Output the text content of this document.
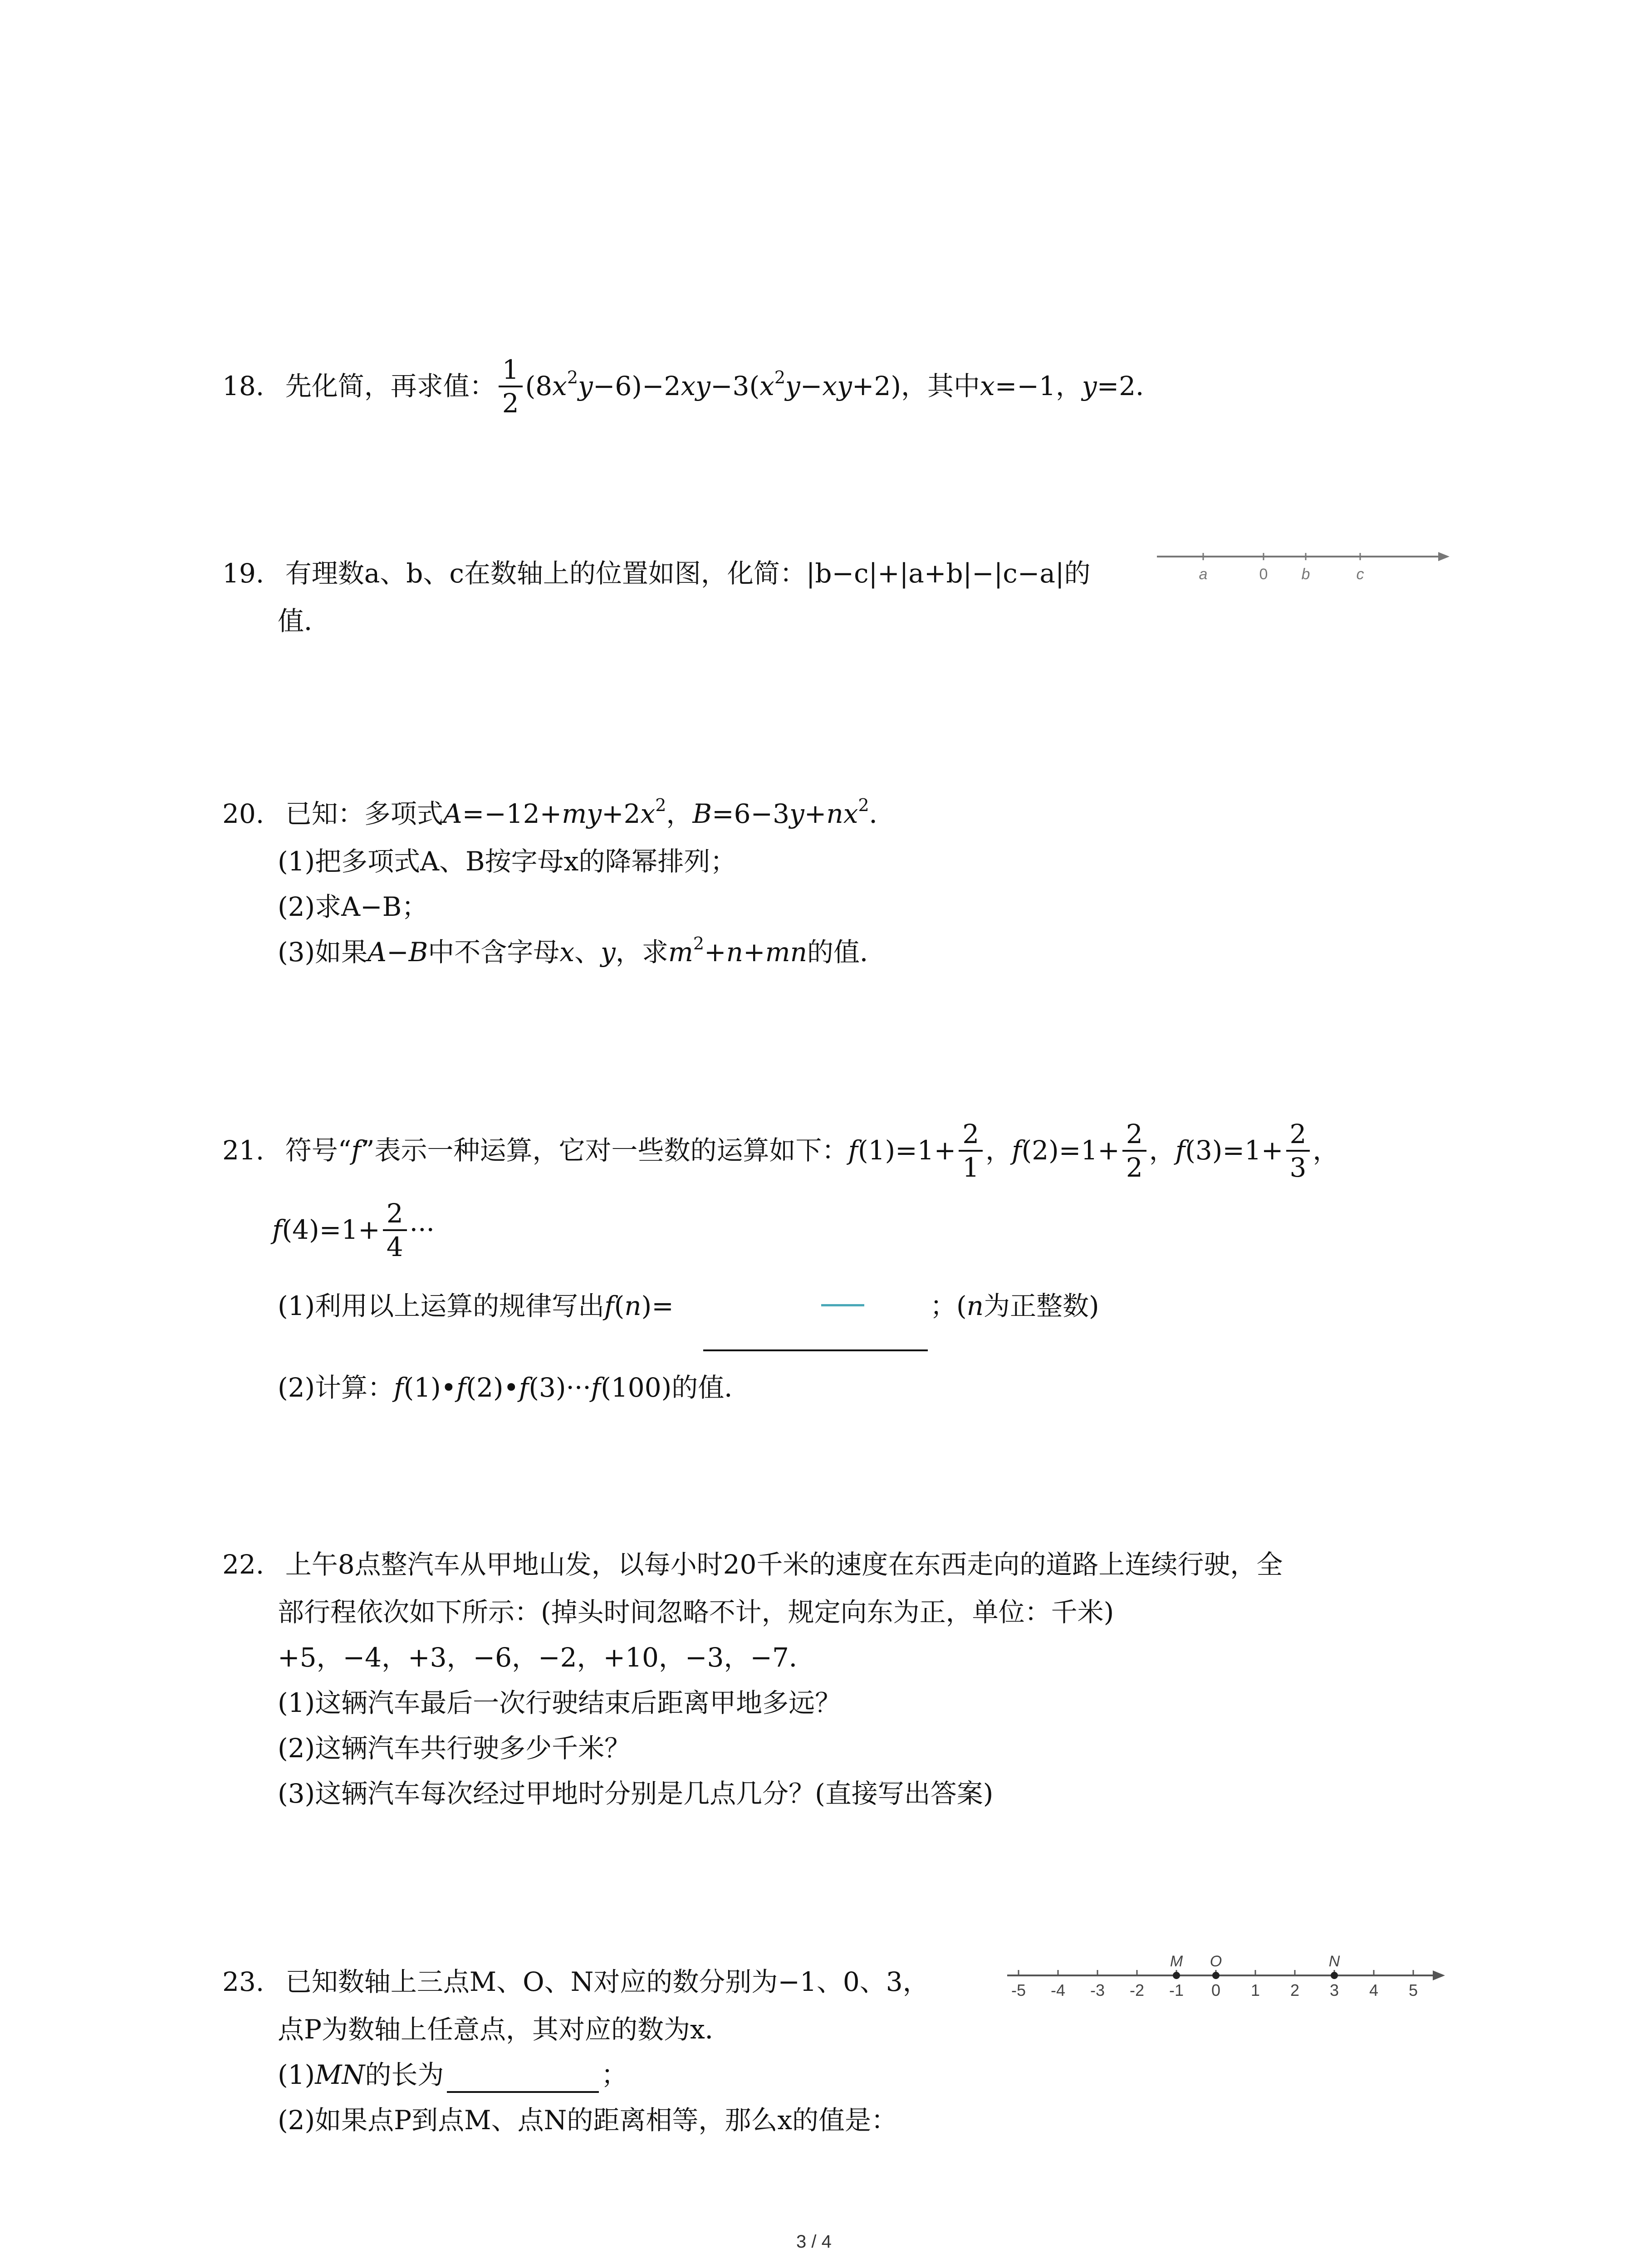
18. 先化简，再求值： $\frac{1}{2} (8x^2y-6)-2xy-3(x^2y-xy+2)$，其中x=−1，y=2．
19. 有理数a、b、c在数轴上的位置如图，化简：|b−c|+|a+b|−|c−a|的
值．
a	0 b	c
20. 已知：多项式$A=-12+my+2x^2$，$B=6-3y+nx^2$．
(1)把多项式A、B按字母x的降幂排列；
(2)求A−B；
(3)如果A−B中不含字母x、y，求$m^2+n+mn$的值．
21. 符号“f”表示一种运算，它对一些数的运算如下：$f(1)=1+ \frac{2}{1}$ ，$f(2)=1+ \frac{2}{2}$ ，$f(3)=1+ \frac{2}{3}$ ，
$f(4)=1+ \frac{2}{4}$ ···
(1)利用以上运算的规律写出f(n)=	；(n为正整数)
(2)计算：f(1)•f(2)•f(3)···f(100)的值．
22. 上午8点整汽车从甲地山发，以每小时20千米的速度在东西走向的道路上连续行驶，全
部行程依次如下所示：(掉头时间忽略不计，规定向东为正，单位：千米)
+5，−4，+3，−6，−2，+10，−3，−7．
(1)这辆汽车最后一次行驶结束后距离甲地多远？
(2)这辆汽车共行驶多少千米？
(3)这辆汽车每次经过甲地时分别是几点几分？(直接写出答案)
23. 已知数轴上三点M、O、N对应的数分别为−1、0、3，
点P为数轴上任意点，其对应的数为x．
(1)MN的长为	；
(2)如果点P到点M、点N的距离相等，那么x的值是：
-5 -4 -3 -2 -1 0 1 2 3 4 5
M O	N
3 / 4
